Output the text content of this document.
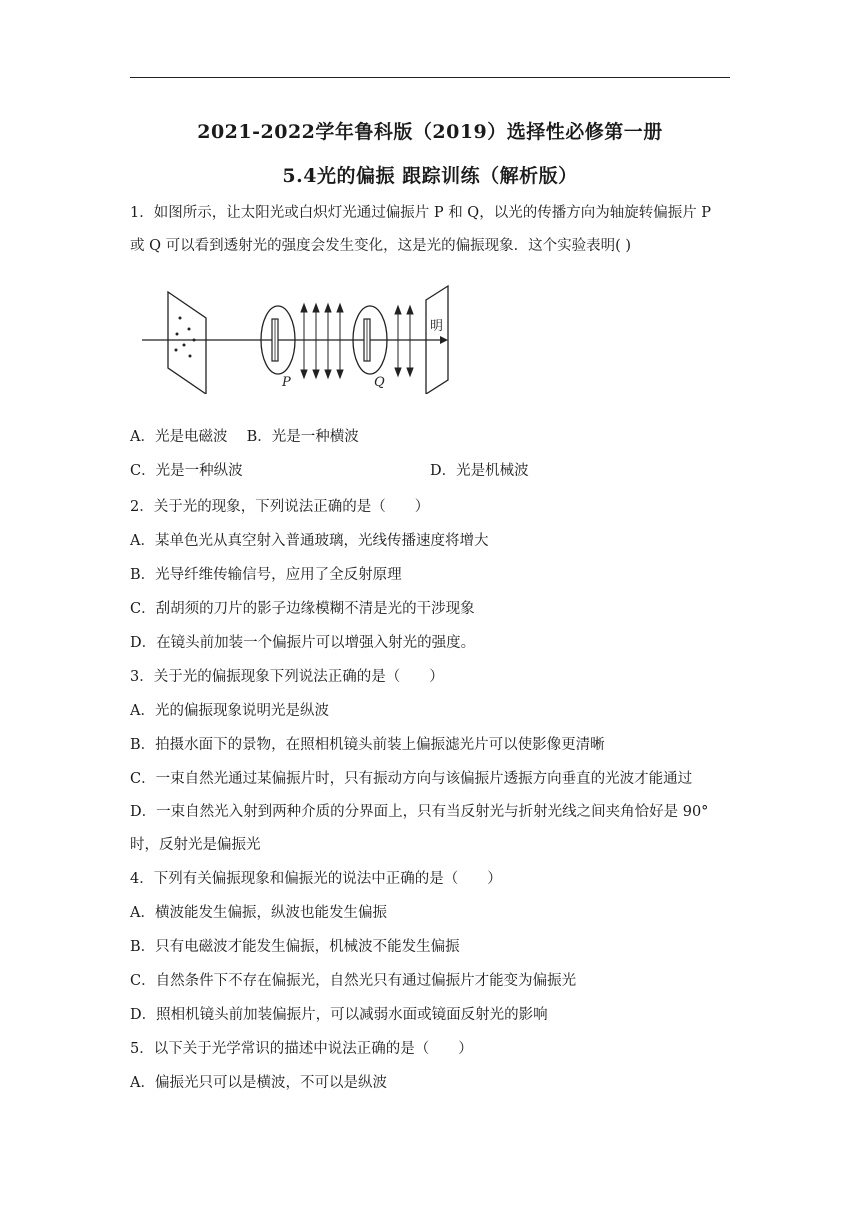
2021-2022学年鲁科版（2019）选择性必修第一册
5.4光的偏振 跟踪训练（解析版）
1．如图所示，让太阳光或白炽灯光通过偏振片 P 和 Q，以光的传播方向为轴旋转偏振片 P
或 Q 可以看到透射光的强度会发生变化，这是光的偏振现象．这个实验表明( )
明
P	Q
A．光是电磁波　 B．光是一种横波
C．光是一种纵波	D．光是机械波
2．关于光的现象，下列说法正确的是（　　）
A．某单色光从真空射入普通玻璃，光线传播速度将增大
B．光导纤维传输信号，应用了全反射原理
C．刮胡须的刀片的影子边缘模糊不清是光的干涉现象
D．在镜头前加装一个偏振片可以增强入射光的强度。
3．关于光的偏振现象下列说法正确的是（　　）
A．光的偏振现象说明光是纵波
B．拍摄水面下的景物，在照相机镜头前装上偏振滤光片可以使影像更清晰
C．一束自然光通过某偏振片时，只有振动方向与该偏振片透振方向垂直的光波才能通过
D．一束自然光入射到两种介质的分界面上，只有当反射光与折射光线之间夹角恰好是 90°
时，反射光是偏振光
4．下列有关偏振现象和偏振光的说法中正确的是（　　）
A．横波能发生偏振，纵波也能发生偏振
B．只有电磁波才能发生偏振，机械波不能发生偏振
C．自然条件下不存在偏振光，自然光只有通过偏振片才能变为偏振光
D．照相机镜头前加装偏振片，可以减弱水面或镜面反射光的影响
5．以下关于光学常识的描述中说法正确的是（　　）
A．偏振光只可以是横波，不可以是纵波
